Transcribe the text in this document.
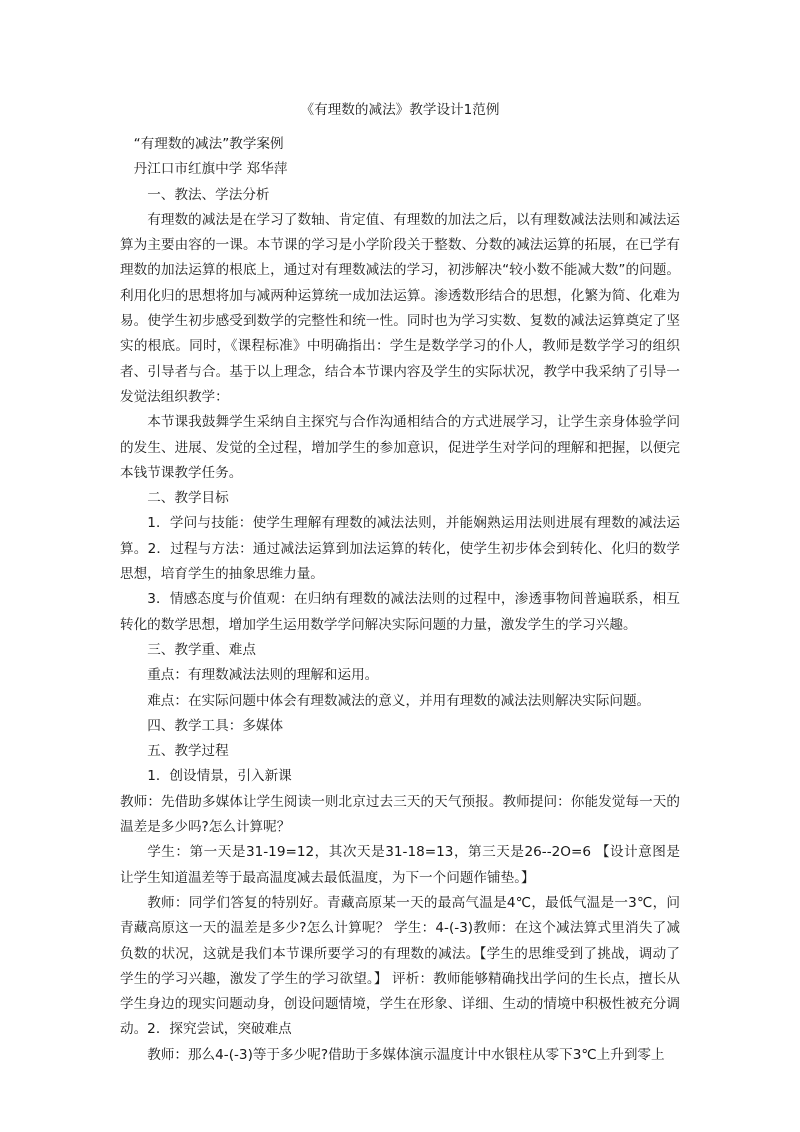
《有理数的减法》教学设计1范例

“有理数的减法”教学案例

丹江口市红旗中学 郑华萍

一、教法、学法分析

有理数的减法是在学习了数轴、肯定值、有理数的加法之后，以有理数减法法则和减法运算为主要由容的一课。本节课的学习是小学阶段关于整数、分数的减法运算的拓展，在已学有理数的加法运算的根底上，通过对有理数减法的学习，初涉解决“较小数不能减大数”的问题。利用化归的思想将加与减两种运算统一成加法运算。渗透数形结合的思想，化繁为简、化难为易。使学生初步感受到数学的完整性和统一性。同时也为学习实数、复数的减法运算奠定了坚实的根底。同时，《课程标准》中明确指出：学生是数学学习的仆人，教师是数学学习的组织者、引导者与合。基于以上理念，结合本节课内容及学生的实际状况，教学中我采纳了引导一发觉法组织教学：

本节课我鼓舞学生采纳自主探究与合作沟通相结合的方式进展学习，让学生亲身体验学问的发生、进展、发觉的全过程，增加学生的参加意识，促进学生对学问的理解和把握，以便完本钱节课教学任务。

二、教学目标

1．学问与技能：使学生理解有理数的减法法则，并能娴熟运用法则进展有理数的减法运算。2．过程与方法：通过减法运算到加法运算的转化，使学生初步体会到转化、化归的数学思想，培育学生的抽象思维力量。

3．情感态度与价值观：在归纳有理数的减法法则的过程中，渗透事物间普遍联系，相互转化的数学思想，增加学生运用数学学问解决实际问题的力量，激发学生的学习兴趣。

三、教学重、难点

重点：有理数减法法则的理解和运用。

难点：在实际问题中体会有理数减法的意义，并用有理数的减法法则解决实际问题。

四、教学工具：多媒体

五、教学过程

1．创设情景，引入新课

教师：先借助多媒体让学生阅读一则北京过去三天的天气预报。教师提问：你能发觉每一天的温差是多少吗?怎么计算呢？

学生：第一天是31-19=12，其次天是31-18=13，第三天是26--2O=6 【设计意图是让学生知道温差等于最高温度减去最低温度，为下一个问题作铺垫。】

教师：同学们答复的特别好。青藏高原某一天的最高气温是4℃，最低气温是一3℃，问青藏高原这一天的温差是多少?怎么计算呢？ 学生：4-(-3)教师：在这个减法算式里消失了减负数的状况，这就是我们本节课所要学习的有理数的减法。【学生的思维受到了挑战，调动了学生的学习兴趣，激发了学生的学习欲望。】 评析：教师能够精确找出学问的生长点，擅长从学生身边的现实问题动身，创设问题情境，学生在形象、详细、生动的情境中积极性被充分调动。2．探究尝试，突破难点

教师：那么4-(-3)等于多少呢?借助于多媒体演示温度计中水银柱从零下3℃上升到零上
